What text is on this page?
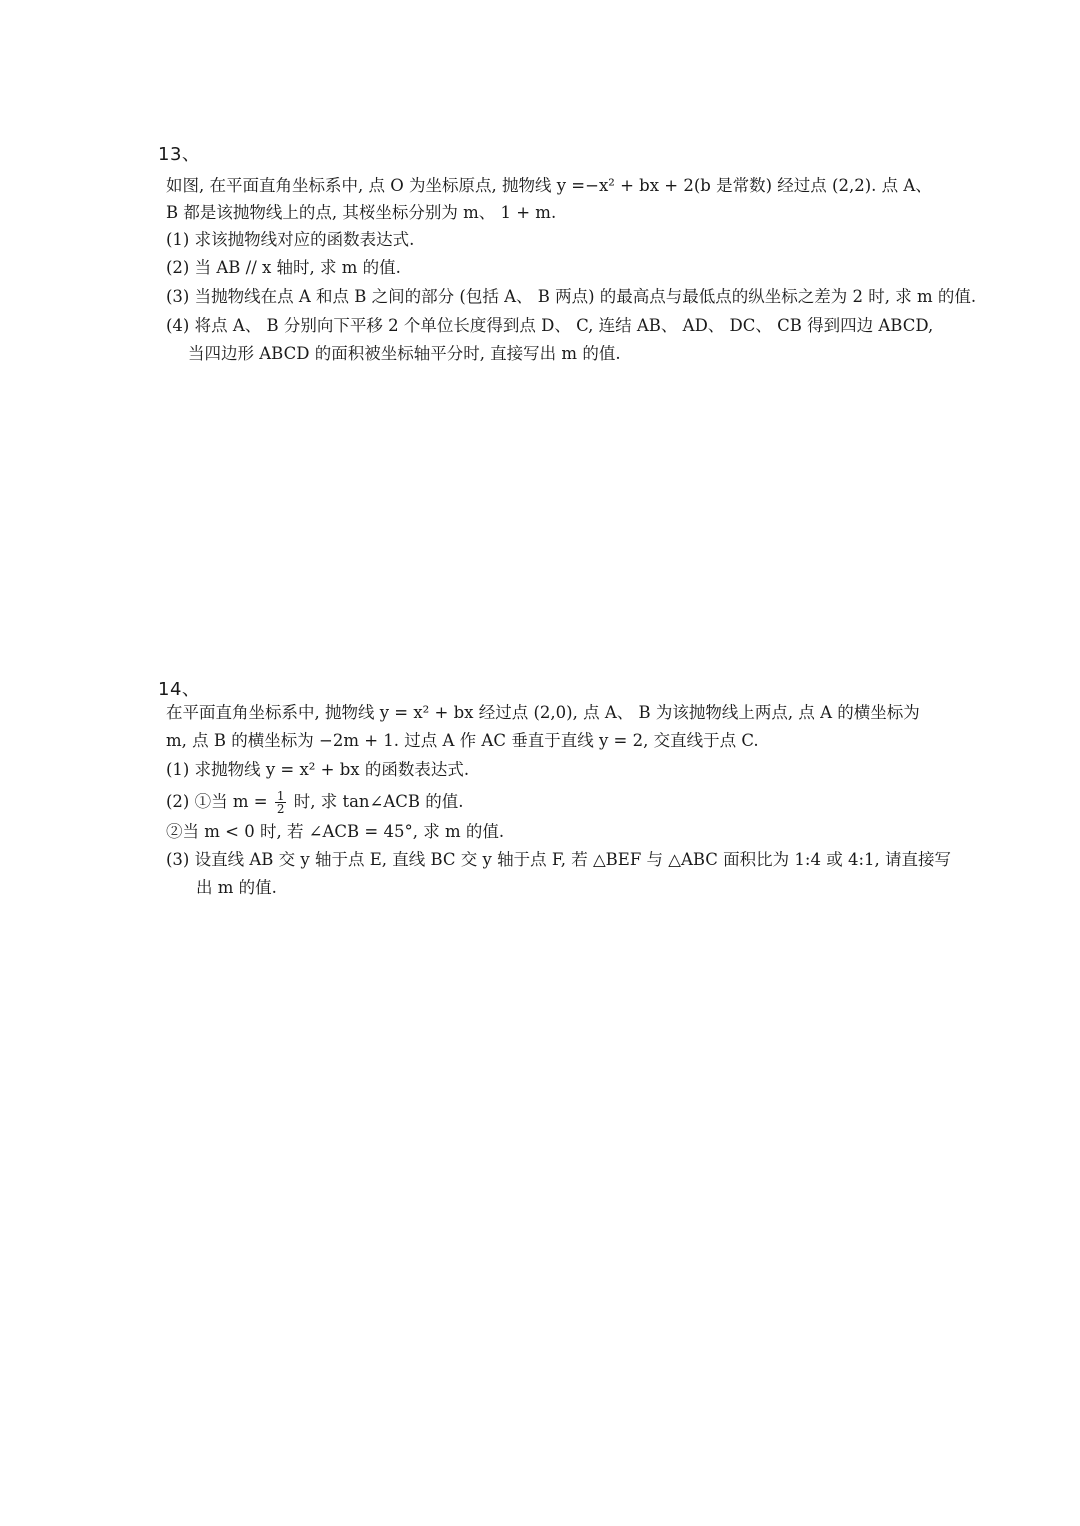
13、
如图, 在平面直角坐标系中, 点 O 为坐标原点, 抛物线 y =−x² + bx + 2(b 是常数) 经过点 (2,2). 点 A、
B 都是该抛物线上的点, 其桜坐标分别为 m、 1 + m.
(1) 求该抛物线对应的函数表达式.
(2) 当 AB // x 轴时, 求 m 的值.
(3) 当抛物线在点 A 和点 B 之间的部分 (包括 A、 B 两点) 的最高点与最低点的纵坐标之差为 2 时, 求 m 的值.
(4) 将点 A、 B 分别向下平移 2 个单位长度得到点 D、 C, 连结 AB、 AD、 DC、 CB 得到四边 ABCD,
当四边形 ABCD 的面积被坐标轴平分时, 直接写出 m 的值.
14、
在平面直角坐标系中, 抛物线 y = x² + bx 经过点 (2,0), 点 A、 B 为该抛物线上两点, 点 A 的横坐标为
m, 点 B 的横坐标为 −2m + 1. 过点 A 作 AC 垂直于直线 y = 2, 交直线于点 C.
(1) 求抛物线 y = x² + bx 的函数表达式.
(2) ①当 $m = \frac{1}{2}$ 时, 求 tan∠ACB 的值.
②当 m < 0 时, 若 ∠ACB = 45°, 求 m 的值.
(3) 设直线 AB 交 y 轴于点 E, 直线 BC 交 y 轴于点 F, 若 △BEF 与 △ABC 面积比为 1:4 或 4:1, 请直接写
出 m 的值.
